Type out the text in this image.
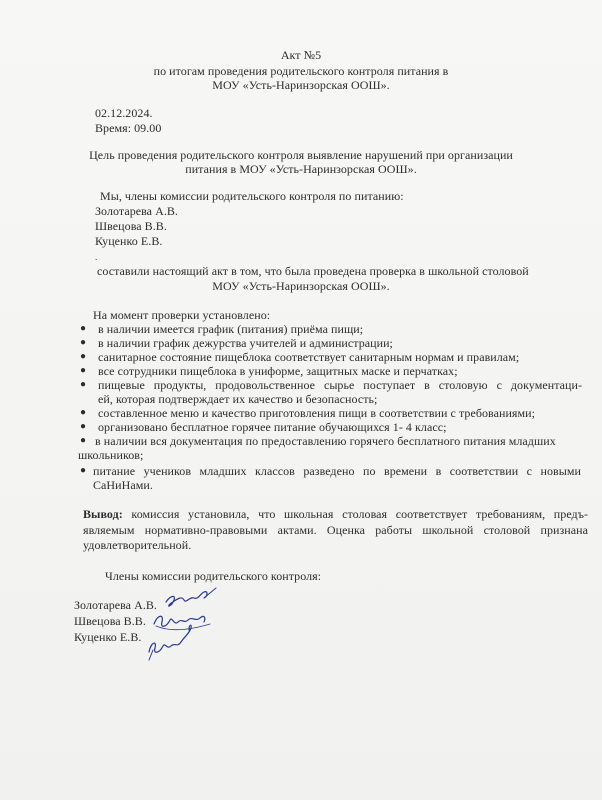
Акт №5
по итогам проведения родительского контроля питания в
МОУ «Усть-Наринзорская ООШ».
02.12.2024.
Время: 09.00
Цель проведения родительского контроля выявление нарушений при организации
питания в МОУ «Усть-Наринзорская ООШ».
Мы, члены комиссии родительского контроля по питанию:
Золотарева А.В.
Швецова В.В.
Куценко Е.В.
.
составили настоящий акт в том, что была проведена проверка в школьной столовой
МОУ «Усть-Наринзорская ООШ».
На момент проверки установлено:
● в наличии имеется график (питания) приёма пищи;
● в наличии график дежурства учителей и администрации;
● санитарное состояние пищеблока соответствует санитарным нормам и правилам;
● все сотрудники пищеблока в униформе, защитных маске и перчатках;
● пищевые продукты, продовольственное сырье поступает в столовую с документаци-
ей, которая подтверждает их качество и безопасность;
● составленное меню и качество приготовления пищи в соответствии с требованиями;
● организовано бесплатное горячее питание обучающихся 1- 4 класс;
● в наличии вся документация по предоставлению горячего бесплатного питания младших
школьников;
● питание учеников младших классов разведено по времени в соответствии с новыми
СаНиНами.
Вывод: комиссия установила, что школьная столовая соответствует требованиям, предъ-
являемым нормативно-правовыми актами. Оценка работы школьной столовой признана
удовлетворительной.
Члены комиссии родительского контроля:
Золотарева А.В.
Швецова В.В.
Куценко Е.В.
